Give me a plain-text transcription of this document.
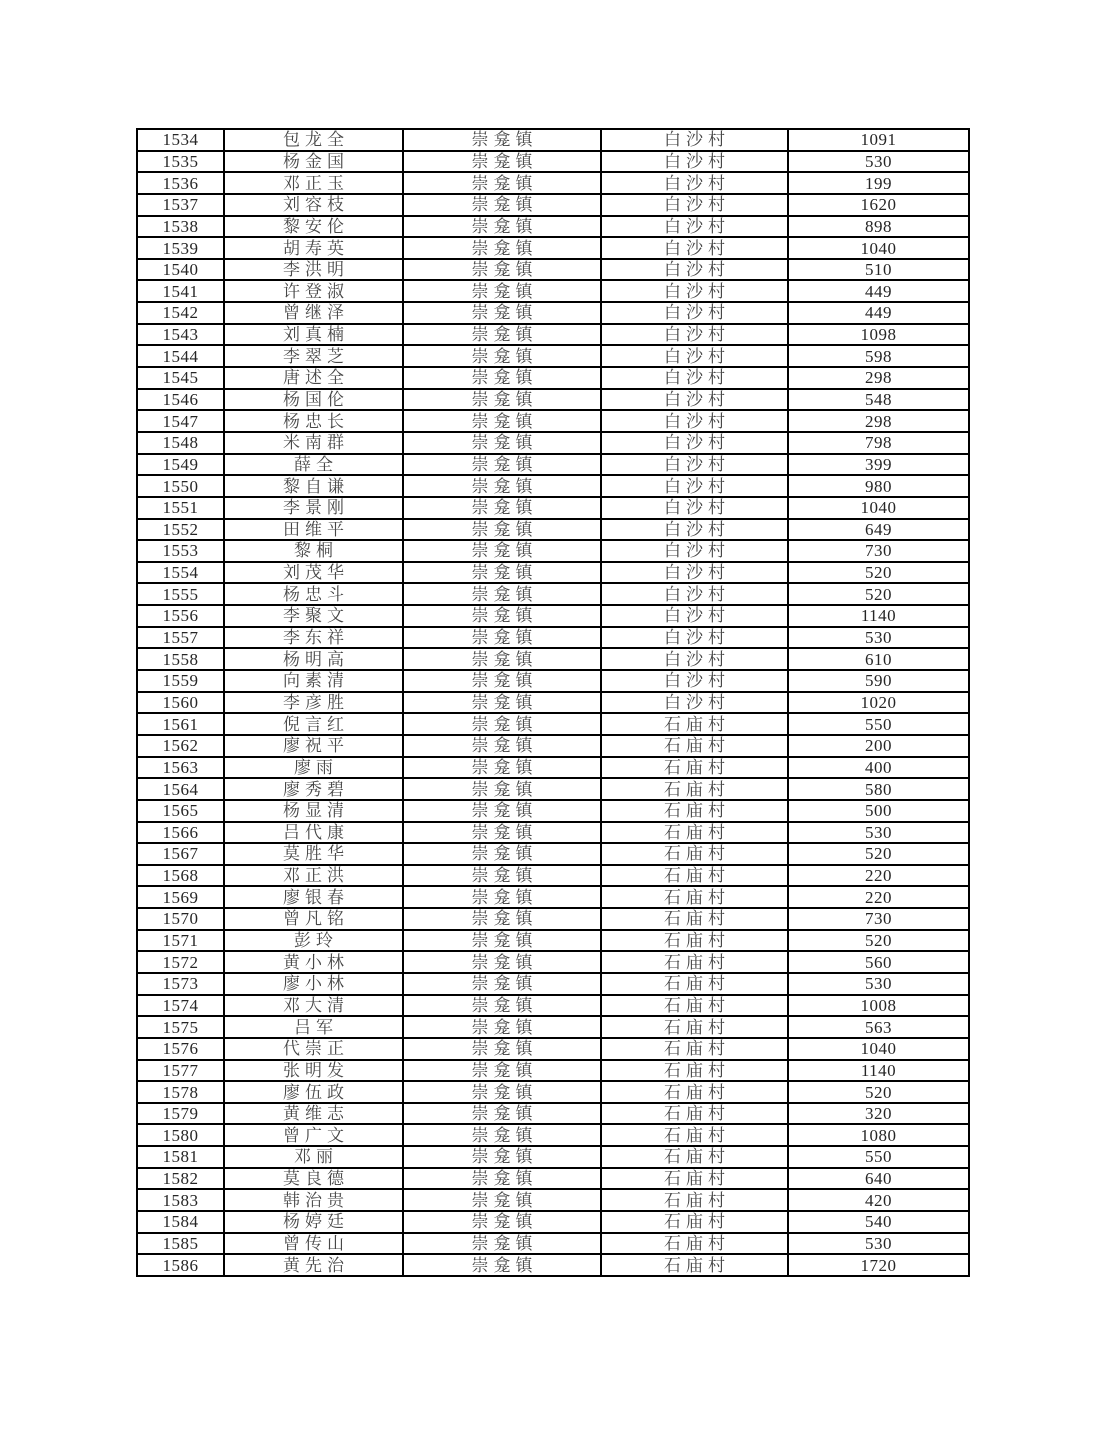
1534	包龙全	崇龛镇	白沙村	1091
1535	杨金国	崇龛镇	白沙村	530
1536	邓正玉	崇龛镇	白沙村	199
1537	刘容枝	崇龛镇	白沙村	1620
1538	黎安伦	崇龛镇	白沙村	898
1539	胡寿英	崇龛镇	白沙村	1040
1540	李洪明	崇龛镇	白沙村	510
1541	许登淑	崇龛镇	白沙村	449
1542	曾继泽	崇龛镇	白沙村	449
1543	刘真楠	崇龛镇	白沙村	1098
1544	李翠芝	崇龛镇	白沙村	598
1545	唐述全	崇龛镇	白沙村	298
1546	杨国伦	崇龛镇	白沙村	548
1547	杨忠长	崇龛镇	白沙村	298
1548	米南群	崇龛镇	白沙村	798
1549	薛全	崇龛镇	白沙村	399
1550	黎自谦	崇龛镇	白沙村	980
1551	李景刚	崇龛镇	白沙村	1040
1552	田维平	崇龛镇	白沙村	649
1553	黎桐	崇龛镇	白沙村	730
1554	刘茂华	崇龛镇	白沙村	520
1555	杨忠斗	崇龛镇	白沙村	520
1556	李聚文	崇龛镇	白沙村	1140
1557	李东祥	崇龛镇	白沙村	530
1558	杨明高	崇龛镇	白沙村	610
1559	向素清	崇龛镇	白沙村	590
1560	李彦胜	崇龛镇	白沙村	1020
1561	倪言红	崇龛镇	石庙村	550
1562	廖祝平	崇龛镇	石庙村	200
1563	廖雨	崇龛镇	石庙村	400
1564	廖秀碧	崇龛镇	石庙村	580
1565	杨显清	崇龛镇	石庙村	500
1566	吕代康	崇龛镇	石庙村	530
1567	莫胜华	崇龛镇	石庙村	520
1568	邓正洪	崇龛镇	石庙村	220
1569	廖银春	崇龛镇	石庙村	220
1570	曾凡铭	崇龛镇	石庙村	730
1571	彭玲	崇龛镇	石庙村	520
1572	黄小林	崇龛镇	石庙村	560
1573	廖小林	崇龛镇	石庙村	530
1574	邓大清	崇龛镇	石庙村	1008
1575	吕军	崇龛镇	石庙村	563
1576	代崇正	崇龛镇	石庙村	1040
1577	张明发	崇龛镇	石庙村	1140
1578	廖伍政	崇龛镇	石庙村	520
1579	黄维志	崇龛镇	石庙村	320
1580	曾广文	崇龛镇	石庙村	1080
1581	邓丽	崇龛镇	石庙村	550
1582	莫良德	崇龛镇	石庙村	640
1583	韩治贵	崇龛镇	石庙村	420
1584	杨婷廷	崇龛镇	石庙村	540
1585	曾传山	崇龛镇	石庙村	530
1586	黄先治	崇龛镇	石庙村	1720
